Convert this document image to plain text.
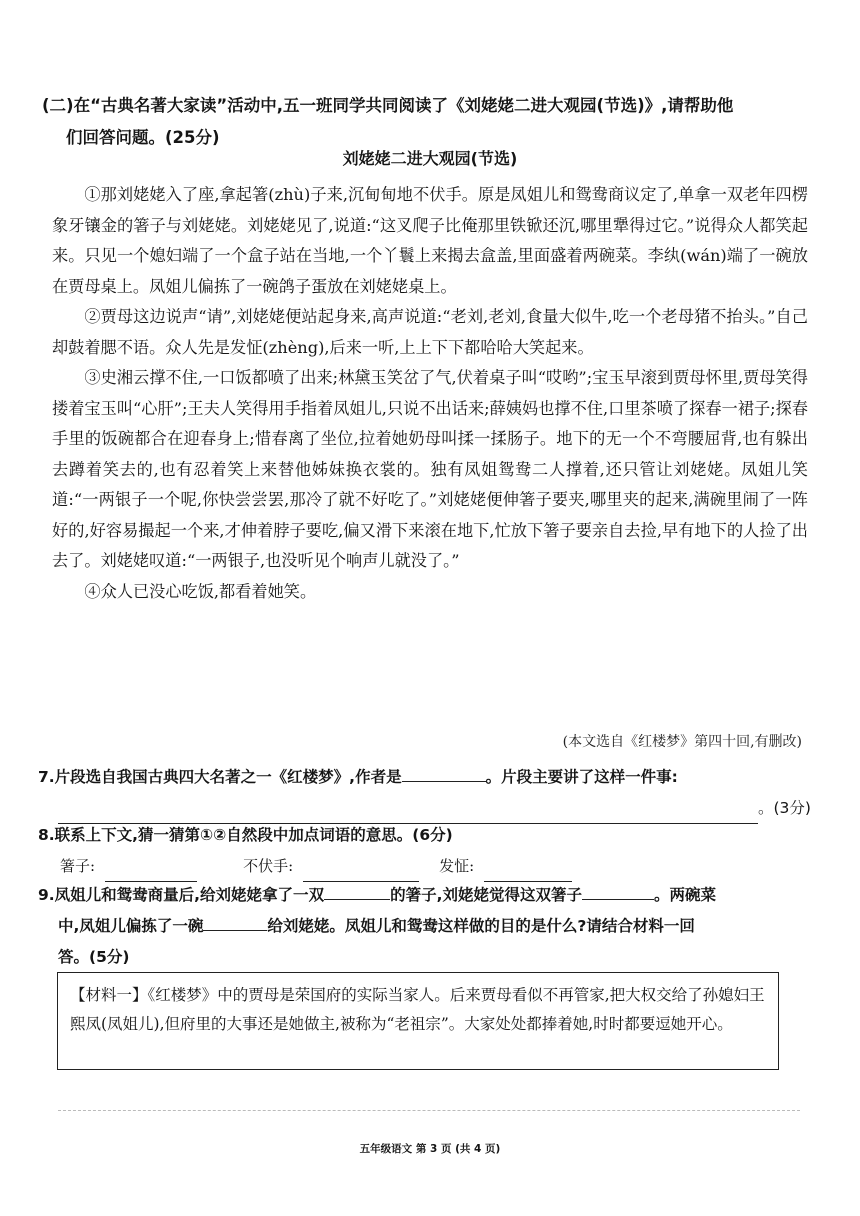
(二)在“古典名著大家读”活动中,五一班同学共同阅读了《刘姥姥二进大观园(节选)》,请帮助他
们回答问题。(25分)
刘姥姥二进大观园(节选)

①那刘姥姥入了座,拿起箸(zhù)子来,沉甸甸地不伏手。原是凤姐儿和鸳鸯商议定了,单拿一双老年四楞象牙镶金的箸子与刘姥姥。刘姥姥见了,说道:“这叉爬子比俺那里铁锨还沉,哪里犟得过它。”说得众人都笑起来。只见一个媳妇端了一个盒子站在当地,一个丫鬟上来揭去盒盖,里面盛着两碗菜。李纨(wán)端了一碗放在贾母桌上。凤姐儿偏拣了一碗鸽子蛋放在刘姥姥桌上。

②贾母这边说声“请”,刘姥姥便站起身来,高声说道:“老刘,老刘,食量大似牛,吃一个老母猪不抬头。”自己却鼓着腮不语。众人先是发怔(zhèng),后来一听,上上下下都哈哈大笑起来。

③史湘云撑不住,一口饭都喷了出来;林黛玉笑岔了气,伏着桌子叫“哎哟”;宝玉早滚到贾母怀里,贾母笑得搂着宝玉叫“心肝”;王夫人笑得用手指着凤姐儿,只说不出话来;薛姨妈也撑不住,口里茶喷了探春一裙子;探春手里的饭碗都合在迎春身上;惜春离了坐位,拉着她奶母叫揉一揉肠子。地下的无一个不弯腰屈背,也有躲出去蹲着笑去的,也有忍着笑上来替他姊妹换衣裳的。独有凤姐鸳鸯二人撑着,还只管让刘姥姥。凤姐儿笑道:“一两银子一个呢,你快尝尝罢,那冷了就不好吃了。”刘姥姥便伸箸子要夹,哪里夹的起来,满碗里闹了一阵好的,好容易撮起一个来,才伸着脖子要吃,偏又滑下来滚在地下,忙放下箸子要亲自去捡,早有地下的人捡了出去了。刘姥姥叹道:“一两银子,也没听见个响声儿就没了。”

④众人已没心吃饭,都看着她笑。

(本文选自《红楼梦》第四十回,有删改)
7.片段选自我国古典四大名著之一《红楼梦》,作者是	。片段主要讲了这样一件事:
。(3分)
8.联系上下文,猜一猜第①②自然段中加点词语的意思。(6分)
箸子:	不伏手:	发怔:
9.凤姐儿和鸳鸯商量后,给刘姥姥拿了一双	的箸子,刘姥姥觉得这双箸子	。两碗菜
中,凤姐儿偏拣了一碗	给刘姥姥。凤姐儿和鸳鸯这样做的目的是什么?请结合材料一回
答。(5分)
【材料一】《红楼梦》中的贾母是荣国府的实际当家人。后来贾母看似不再管家,把大权交给了孙媳妇王熙凤(凤姐儿),但府里的大事还是她做主,被称为“老祖宗”。大家处处都捧着她,时时都要逗她开心。
五年级语文 第 3 页 (共 4 页)
